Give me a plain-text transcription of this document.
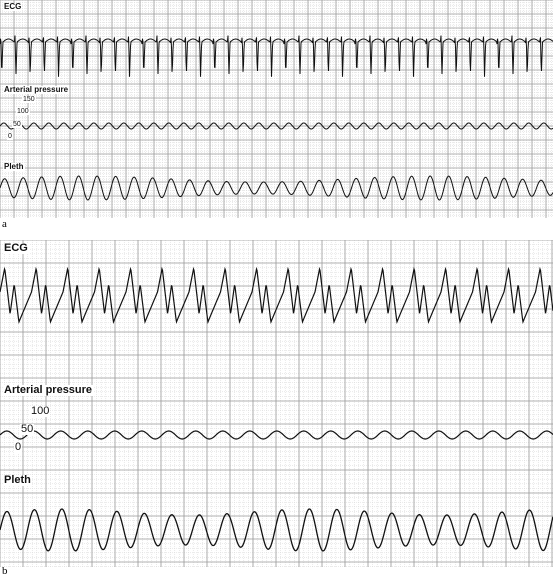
ECG
Arterial pressure
150
100
50
0
Pleth
a
ECG
Arterial pressure
100
50
0
Pleth
b
